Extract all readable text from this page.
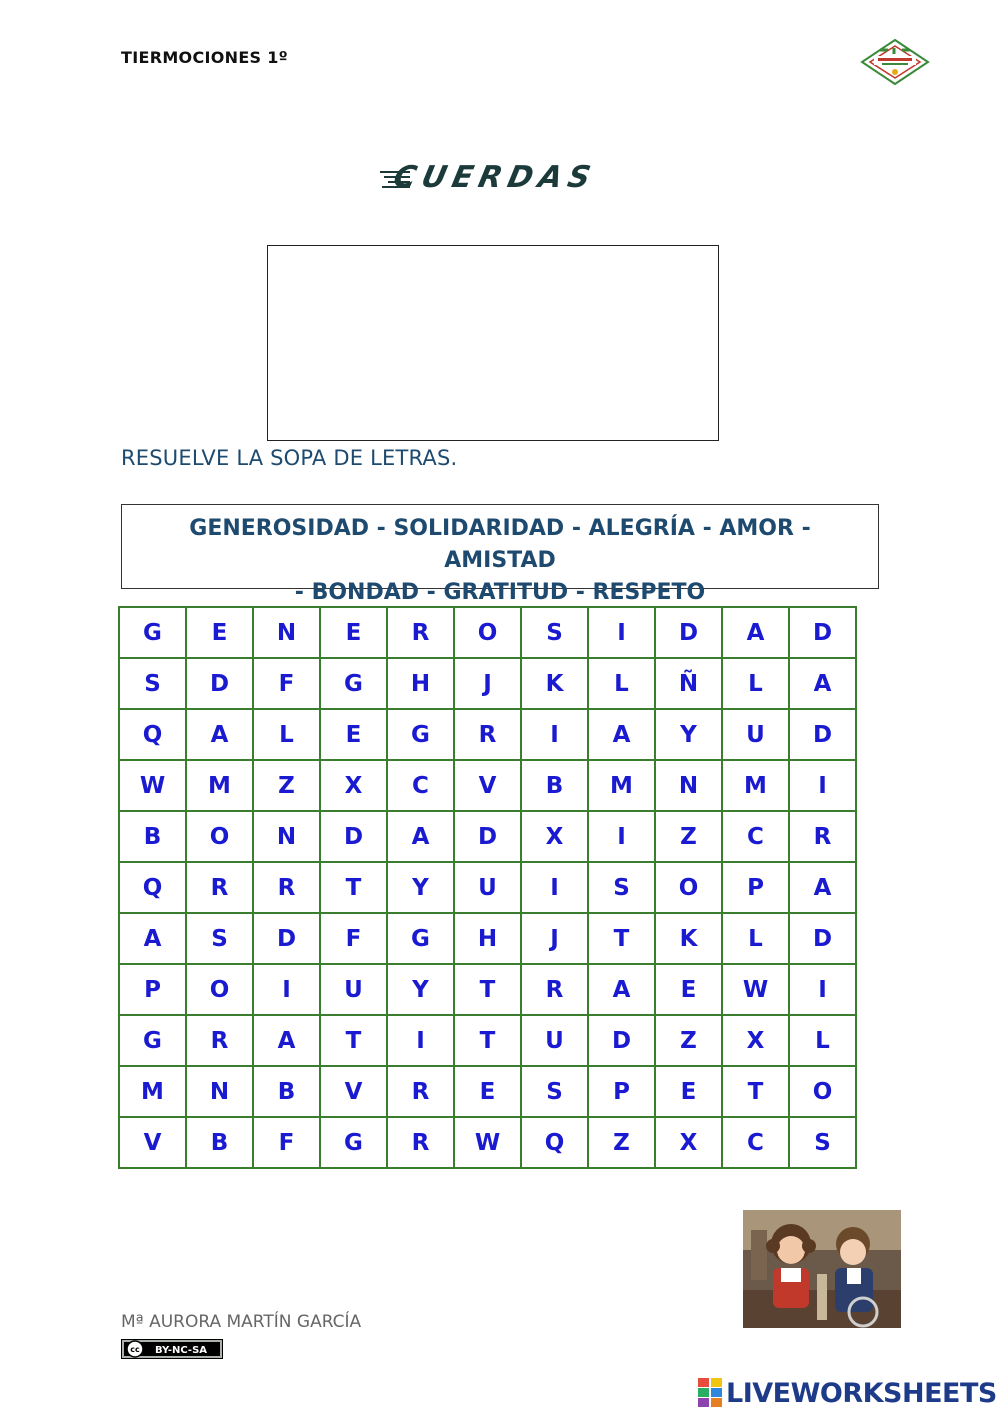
TIERMOCIONES 1º
CUERDAS
RESUELVE LA SOPA DE LETRAS.
GENEROSIDAD - SOLIDARIDAD - ALEGRÍA - AMOR - AMISTAD
- BONDAD - GRATITUD - RESPETO
G	E	N	E	R	O	S	I	D	A	D
S	D	F	G	H	J	K	L	Ñ	L	A
Q	A	L	E	G	R	I	A	Y	U	D
W	M	Z	X	C	V	B	M	N	M	I
B	O	N	D	A	D	X	I	Z	C	R
Q	R	R	T	Y	U	I	S	O	P	A
A	S	D	F	G	H	J	T	K	L	D
P	O	I	U	Y	T	R	A	E	W	I
G	R	A	T	I	T	U	D	Z	X	L
M	N	B	V	R	E	S	P	E	T	O
V	B	F	G	R	W	Q	Z	X	C	S
Mª AURORA MARTÍN GARCÍA
cc BY-NC-SA
LIVEWORKSHEETS
